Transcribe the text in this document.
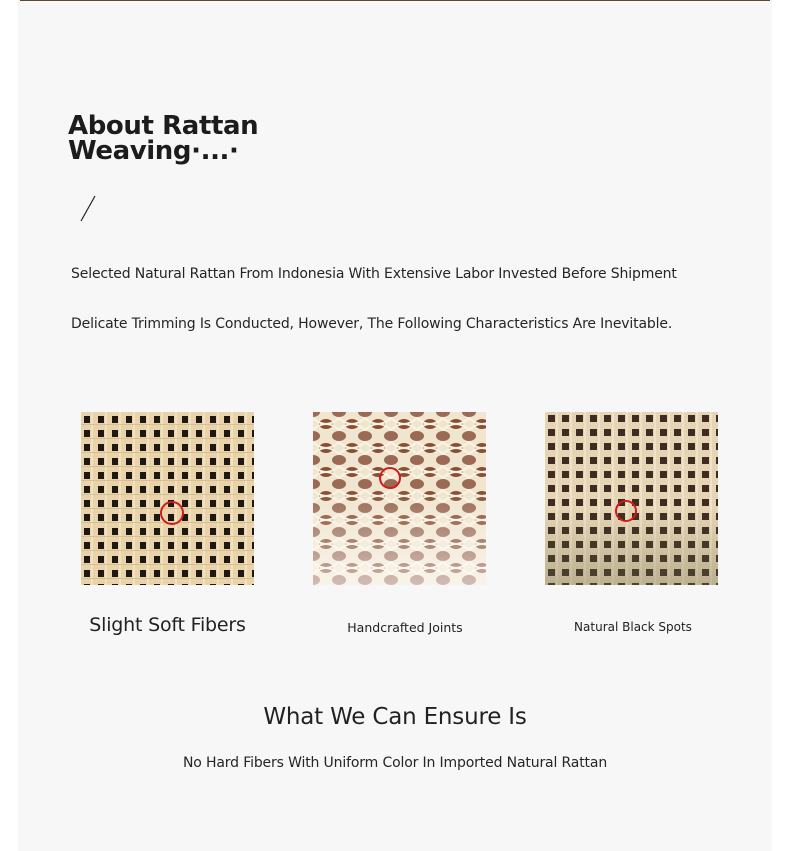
About Rattan
Weaving·...·
Selected Natural Rattan From Indonesia With Extensive Labor Invested Before Shipment
Delicate Trimming Is Conducted, However, The Following Characteristics Are Inevitable.
Slight Soft Fibers	Handcrafted Joints	Natural Black Spots
What We Can Ensure Is
No Hard Fibers With Uniform Color In Imported Natural Rattan
